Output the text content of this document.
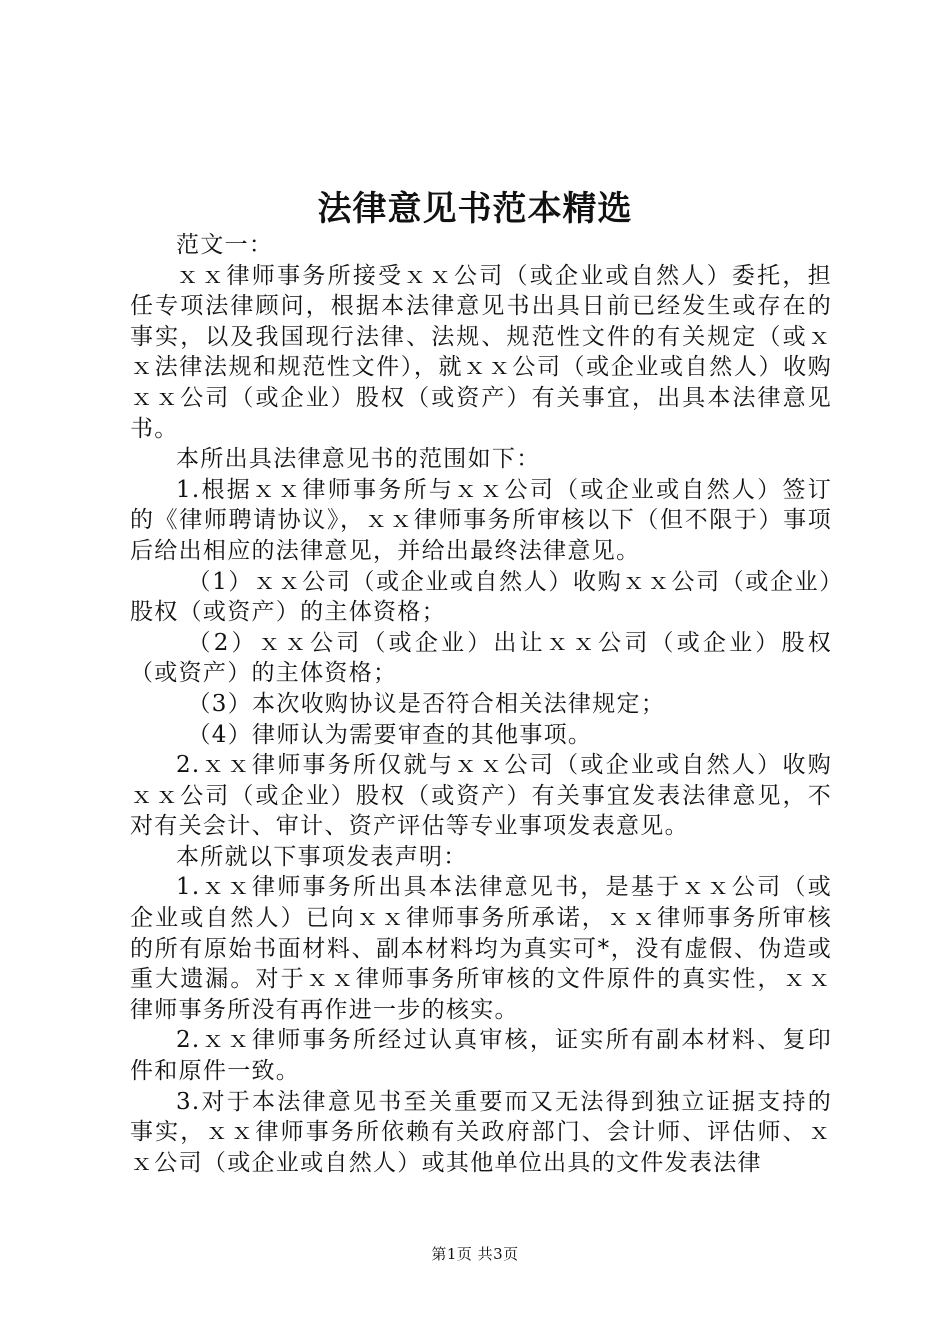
法律意见书范本精选

范文一：

ｘｘ律师事务所接受ｘｘ公司（或企业或自然人）委托，担任专项法律顾问，根据本法律意见书出具日前已经发生或存在的事实，以及我国现行法律、法规、规范性文件的有关规定（或ｘｘ法律法规和规范性文件），就ｘｘ公司（或企业或自然人）收购ｘｘ公司（或企业）股权（或资产）有关事宜，出具本法律意见书。

本所出具法律意见书的范围如下：

1.根据ｘｘ律师事务所与ｘｘ公司（或企业或自然人）签订的《律师聘请协议》，ｘｘ律师事务所审核以下（但不限于）事项后给出相应的法律意见，并给出最终法律意见。

（1）ｘｘ公司（或企业或自然人）收购ｘｘ公司（或企业）股权（或资产）的主体资格；

（2）ｘｘ公司（或企业）出让ｘｘ公司（或企业）股权（或资产）的主体资格；

（3）本次收购协议是否符合相关法律规定；

（4）律师认为需要审查的其他事项。

2.ｘｘ律师事务所仅就与ｘｘ公司（或企业或自然人）收购ｘｘ公司（或企业）股权（或资产）有关事宜发表法律意见，不对有关会计、审计、资产评估等专业事项发表意见。

本所就以下事项发表声明：

1.ｘｘ律师事务所出具本法律意见书，是基于ｘｘ公司（或企业或自然人）已向ｘｘ律师事务所承诺，ｘｘ律师事务所审核的所有原始书面材料、副本材料均为真实可*，没有虚假、伪造或重大遗漏。对于ｘｘ律师事务所审核的文件原件的真实性，ｘｘ律师事务所没有再作进一步的核实。

2.ｘｘ律师事务所经过认真审核，证实所有副本材料、复印件和原件一致。

3.对于本法律意见书至关重要而又无法得到独立证据支持的事实，ｘｘ律师事务所依赖有关政府部门、会计师、评估师、ｘｘ公司（或企业或自然人）或其他单位出具的文件发表法律

第1页 共3页
